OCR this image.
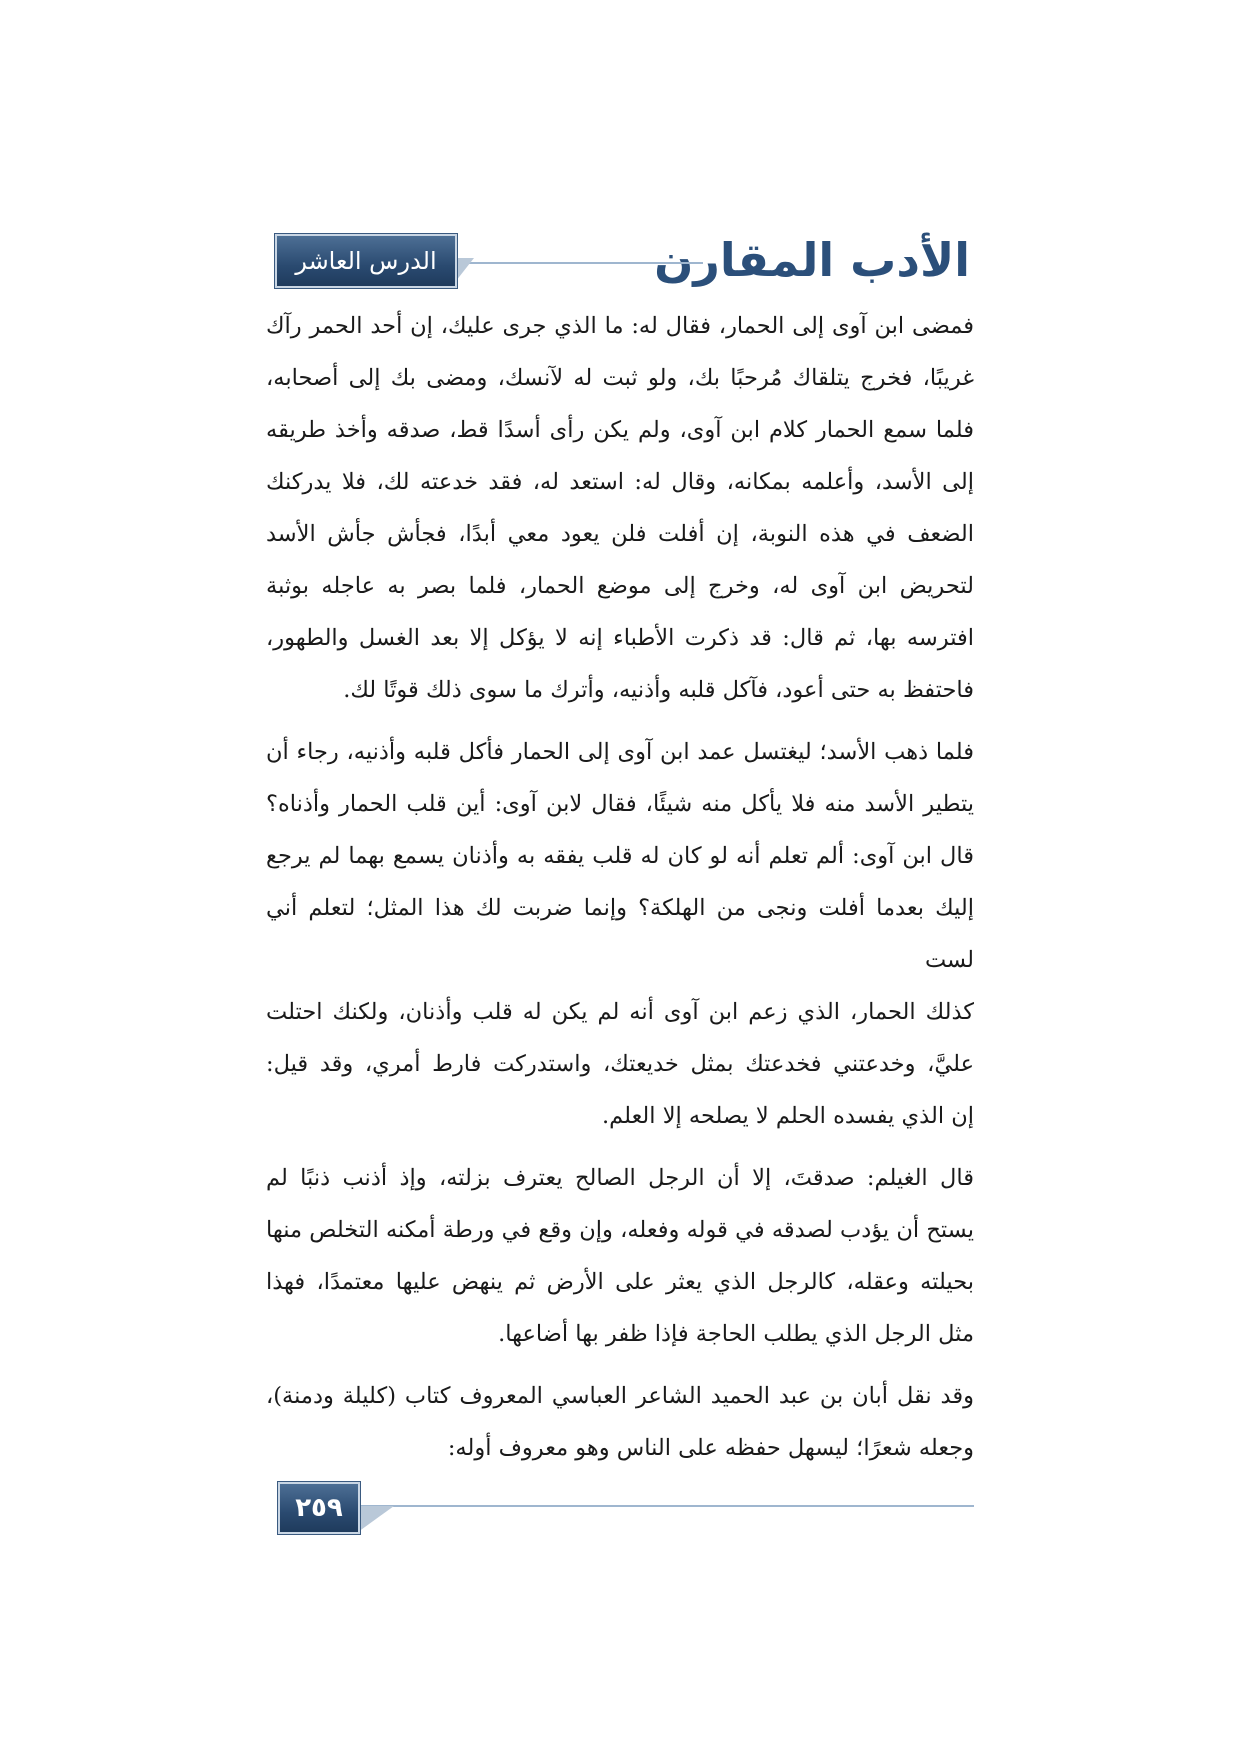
الأدب المقارن
الدرس العاشر
فمضى ابن آوى إلى الحمار، فقال له: ما الذي جرى عليك، إن أحد الحمر رآك
غريبًا، فخرج يتلقاك مُرحبًا بك، ولو ثبت له لآنسك، ومضى بك إلى أصحابه،
فلما سمع الحمار كلام ابن آوى، ولم يكن رأى أسدًا قط، صدقه وأخذ طريقه
إلى الأسد، وأعلمه بمكانه، وقال له: استعد له، فقد خدعته لك، فلا يدركنك
الضعف في هذه النوبة، إن أفلت فلن يعود معي أبدًا، فجأش جأش الأسد
لتحريض ابن آوى له، وخرج إلى موضع الحمار، فلما بصر به عاجله بوثبة
افترسه بها، ثم قال: قد ذكرت الأطباء إنه لا يؤكل إلا بعد الغسل والطهور،
فاحتفظ به حتى أعود، فآكل قلبه وأذنيه، وأترك ما سوى ذلك قوتًا لك.
فلما ذهب الأسد؛ ليغتسل عمد ابن آوى إلى الحمار فأكل قلبه وأذنيه، رجاء أن
يتطير الأسد منه فلا يأكل منه شيئًا، فقال لابن آوى: أين قلب الحمار وأذناه؟
قال ابن آوى: ألم تعلم أنه لو كان له قلب يفقه به وأذنان يسمع بهما لم يرجع
إليك بعدما أفلت ونجى من الهلكة؟ وإنما ضربت لك هذا المثل؛ لتعلم أني لست
كذلك الحمار، الذي زعم ابن آوى أنه لم يكن له قلب وأذنان، ولكنك احتلت
عليَّ، وخدعتني فخدعتك بمثل خديعتك، واستدركت فارط أمري، وقد قيل:
إن الذي يفسده الحلم لا يصلحه إلا العلم.
قال الغيلم: صدقتَ، إلا أن الرجل الصالح يعترف بزلته، وإذ أذنب ذنبًا لم
يستح أن يؤدب لصدقه في قوله وفعله، وإن وقع في ورطة أمكنه التخلص منها
بحيلته وعقله، كالرجل الذي يعثر على الأرض ثم ينهض عليها معتمدًا، فهذا
مثل الرجل الذي يطلب الحاجة فإذا ظفر بها أضاعها.
وقد نقل أبان بن عبد الحميد الشاعر العباسي المعروف كتاب (كليلة ودمنة)،
وجعله شعرًا؛ ليسهل حفظه على الناس وهو معروف أوله:
٢٥٩
